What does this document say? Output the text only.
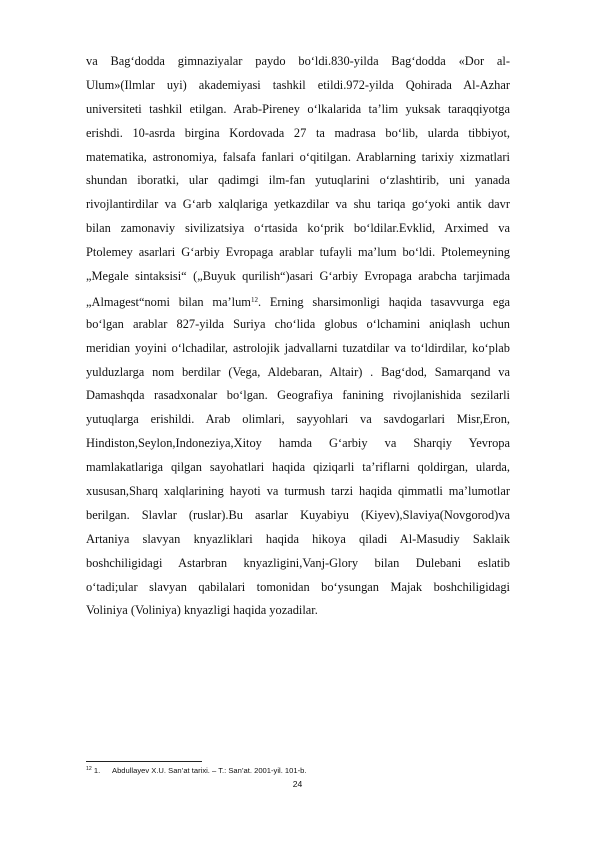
va Bag‘dodda gimnaziyalar paydo bo‘ldi.830-yilda Bag‘dodda «Dor al-
Ulum»(Ilmlar uyi) akademiyasi tashkil etildi.972-yilda Qohirada Al-Azhar
universiteti tashkil etilgan. Arab-Pireney o‘lkalarida ta’lim yuksak taraqqiyotga
erishdi. 10-asrda birgina Kordovada 27 ta madrasa bo‘lib, ularda tibbiyot,
matematika, astronomiya, falsafa fanlari o‘qitilgan. Arablarning tarixiy xizmatlari
shundan iboratki, ular qadimgi ilm-fan yutuqlarini o‘zlashtirib, uni yanada
rivojlantirdilar va G‘arb xalqlariga yetkazdilar va shu tariqa go‘yoki antik davr
bilan zamonaviy sivilizatsiya o‘rtasida ko‘prik bo‘ldilar.Evklid, Arximed va
Ptolemey asarlari G‘arbiy Evropaga arablar tufayli ma’lum bo‘ldi. Ptolemeyning
„Megale sintaksisi“ („Buyuk qurilish“)asari G‘arbiy Evropaga arabcha tarjimada
„Almagest“nomi bilan ma’lum$^{12}$. Erning sharsimonligi haqida tasavvurga ega
bo‘lgan arablar 827-yilda Suriya cho‘lida globus o‘lchamini aniqlash uchun
meridian yoyini o‘lchadilar, astrolojik jadvallarni tuzatdilar va to‘ldirdilar, ko‘plab
yulduzlarga nom berdilar (Vega, Aldebaran, Altair) . Bag‘dod, Samarqand va
Damashqda rasadxonalar bo‘lgan. Geografiya fanining rivojlanishida sezilarli
yutuqlarga erishildi. Arab olimlari, sayyohlari va savdogarlari Misr,Eron,
Hindiston,Seylon,Indoneziya,Xitoy hamda G‘arbiy va Sharqiy Yevropa
mamlakatlariga qilgan sayohatlari haqida qiziqarli ta’riflarni qoldirgan, ularda,
xususan,Sharq xalqlarining hayoti va turmush tarzi haqida qimmatli ma’lumotlar
berilgan. Slavlar (ruslar).Bu asarlar Kuyabiyu (Kiyev),Slaviya(Novgorod)va
Artaniya slavyan knyazliklari haqida hikoya qiladi Al-Masudiy Saklaik
boshchiligidagi Astarbran knyazligini,Vanj-Glory bilan Dulebani eslatib
o‘tadi;ular slavyan qabilalari tomonidan bo‘ysungan Majak boshchiligidagi
Voliniya (Voliniya) knyazligi haqida yozadilar.
$^{12}$ 1. Abdullayev X.U. San’at tarixi. – T.: San’at. 2001-yil. 101-b.
24
